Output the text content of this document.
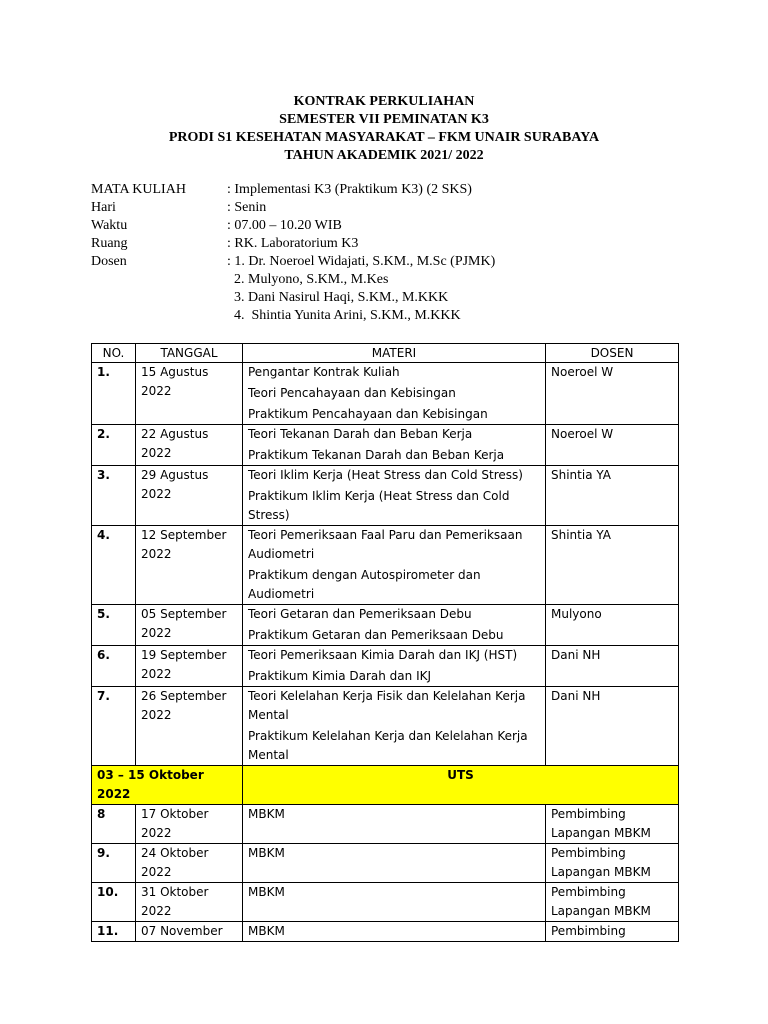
KONTRAK PERKULIAHAN
SEMESTER VII PEMINATAN K3
PRODI S1 KESEHATAN MASYARAKAT – FKM UNAIR SURABAYA
TAHUN AKADEMIK 2021/ 2022
MATA KULIAH	: Implementasi K3 (Praktikum K3) (2 SKS)
Hari	: Senin
Waktu	: 07.00 – 10.20 WIB
Ruang	: RK. Laboratorium K3
Dosen	: 1. Dr. Noeroel Widajati, S.KM., M.Sc (PJMK)
2. Mulyono, S.KM., M.Kes
3. Dani Nasirul Haqi, S.KM., M.KKK
4.  Shintia Yunita Arini, S.KM., M.KKK
NO.	TANGGAL	MATERI	DOSEN
1.	15 Agustus 2022	Pengantar Kontrak Kuliah
Teori Pencahayaan dan Kebisingan
Praktikum Pencahayaan dan Kebisingan	Noeroel W
2.	22 Agustus 2022	Teori Tekanan Darah dan Beban Kerja
Praktikum Tekanan Darah dan Beban Kerja	Noeroel W
3.	29 Agustus 2022	Teori Iklim Kerja (Heat Stress dan Cold Stress)
Praktikum Iklim Kerja (Heat Stress dan Cold Stress)	Shintia YA
4.	12 September 2022	Teori Pemeriksaan Faal Paru dan Pemeriksaan Audiometri
Praktikum dengan Autospirometer dan Audiometri	Shintia YA
5.	05 September 2022	Teori Getaran dan Pemeriksaan Debu
Praktikum Getaran dan Pemeriksaan Debu	Mulyono
6.	19 September 2022	Teori Pemeriksaan Kimia Darah dan IKJ (HST)
Praktikum Kimia Darah dan IKJ	Dani NH
7.	26 September 2022	Teori Kelelahan Kerja Fisik dan Kelelahan Kerja Mental
Praktikum Kelelahan Kerja dan Kelelahan Kerja Mental	Dani NH
03 – 15 Oktober 2022		UTS	
8	17 Oktober 2022	MBKM	Pembimbing Lapangan MBKM
9.	24 Oktober 2022	MBKM	Pembimbing Lapangan MBKM
10.	31 Oktober 2022	MBKM	Pembimbing Lapangan MBKM
11.	07 November	MBKM	Pembimbing
